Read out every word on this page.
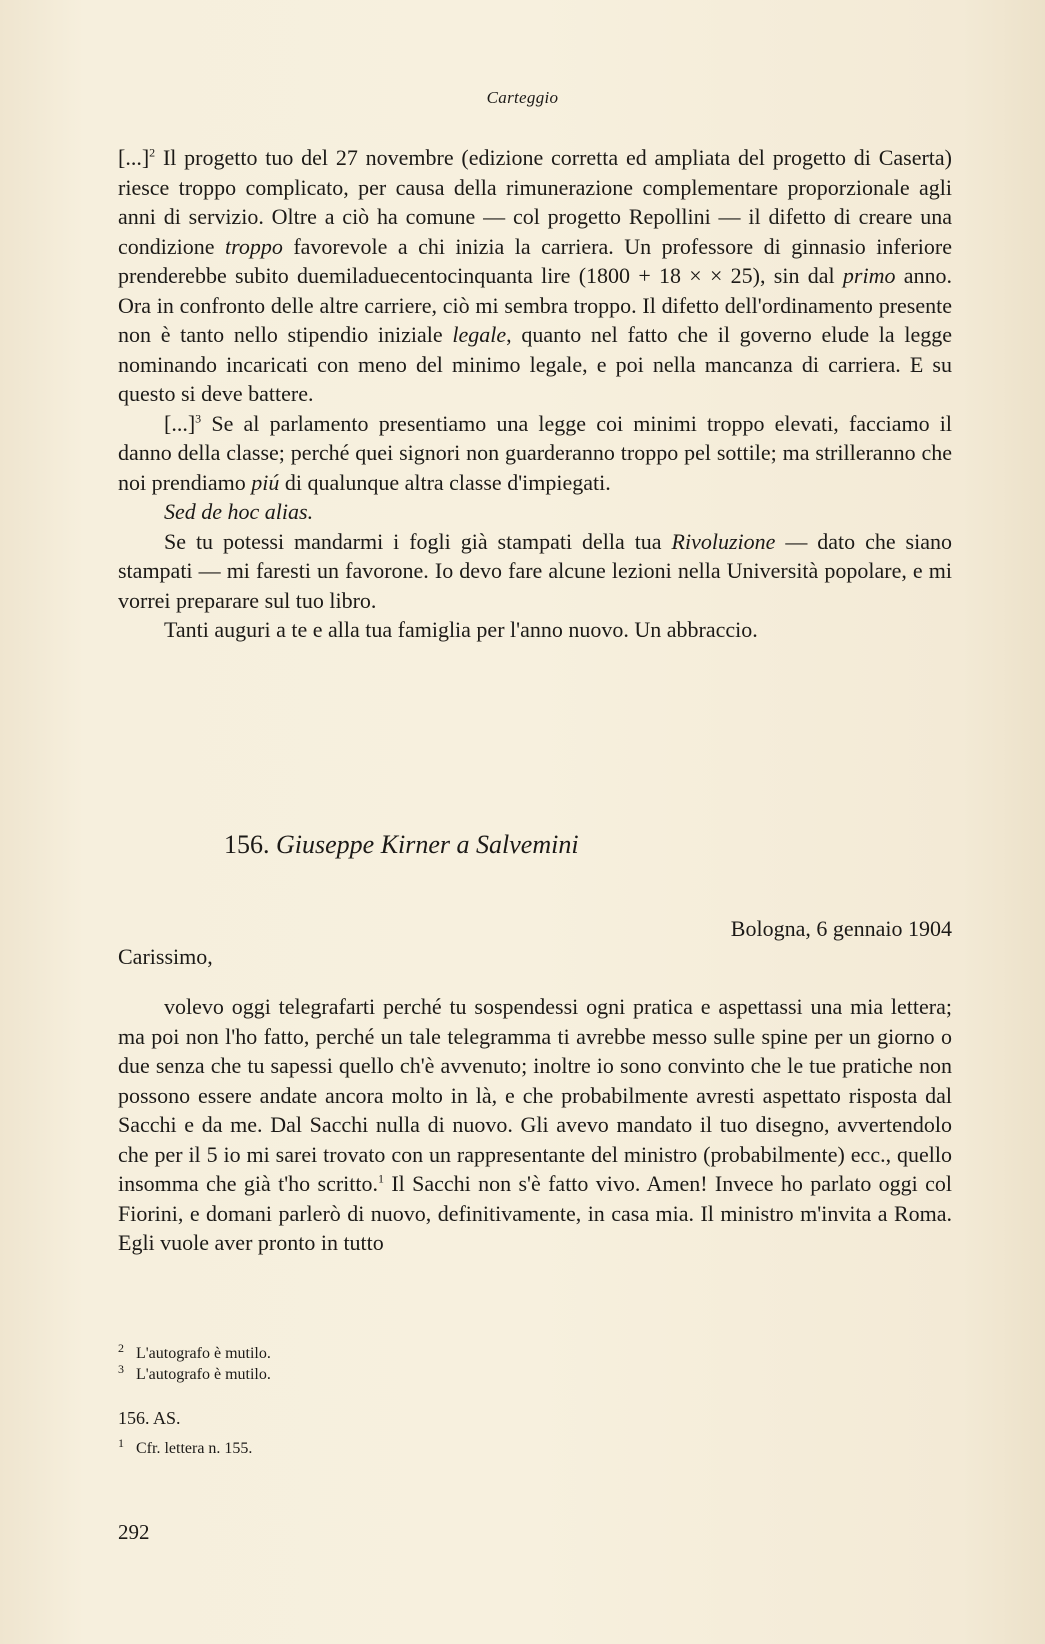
Carteggio

[...]$^2$ Il progetto tuo del 27 novembre (edizione corretta ed ampliata del progetto di Caserta) riesce troppo complicato, per causa della rimunerazione complementare proporzionale agli anni di servizio. Oltre a ciò ha comune — col progetto Repollini — il difetto di creare una condizione troppo favorevole a chi inizia la carriera. Un professore di ginnasio inferiore prenderebbe subito duemiladuecentocinquanta lire (1800 + 18 × × 25), sin dal primo anno. Ora in confronto delle altre carriere, ciò mi sembra troppo. Il difetto dell'ordinamento presente non è tanto nello stipendio iniziale legale, quanto nel fatto che il governo elude la legge nominando incaricati con meno del minimo legale, e poi nella mancanza di carriera. E su questo si deve battere.

[...]$^3$ Se al parlamento presentiamo una legge coi minimi troppo elevati, facciamo il danno della classe; perché quei signori non guarderanno troppo pel sottile; ma strilleranno che noi prendiamo piú di qualunque altra classe d'impiegati.

Sed de hoc alias.

Se tu potessi mandarmi i fogli già stampati della tua Rivoluzione — dato che siano stampati — mi faresti un favorone. Io devo fare alcune lezioni nella Università popolare, e mi vorrei preparare sul tuo libro.

Tanti auguri a te e alla tua famiglia per l'anno nuovo. Un abbraccio.

156. Giuseppe Kirner a Salvemini
Bologna, 6 gennaio 1904
Carissimo,

volevo oggi telegrafarti perché tu sospendessi ogni pratica e aspettassi una mia lettera; ma poi non l'ho fatto, perché un tale telegramma ti avrebbe messo sulle spine per un giorno o due senza che tu sapessi quello ch'è avvenuto; inoltre io sono convinto che le tue pratiche non possono essere andate ancora molto in là, e che probabilmente avresti aspettato risposta dal Sacchi e da me. Dal Sacchi nulla di nuovo. Gli avevo mandato il tuo disegno, avvertendolo che per il 5 io mi sarei trovato con un rappresentante del ministro (probabilmente) ecc., quello insomma che già t'ho scritto.$^1$ Il Sacchi non s'è fatto vivo. Amen! Invece ho parlato oggi col Fiorini, e domani parlerò di nuovo, definitivamente, in casa mia. Il ministro m'invita a Roma. Egli vuole aver pronto in tutto

2 L'autografo è mutilo.

3 L'autografo è mutilo.

156. AS.

1 Cfr. lettera n. 155.

292
